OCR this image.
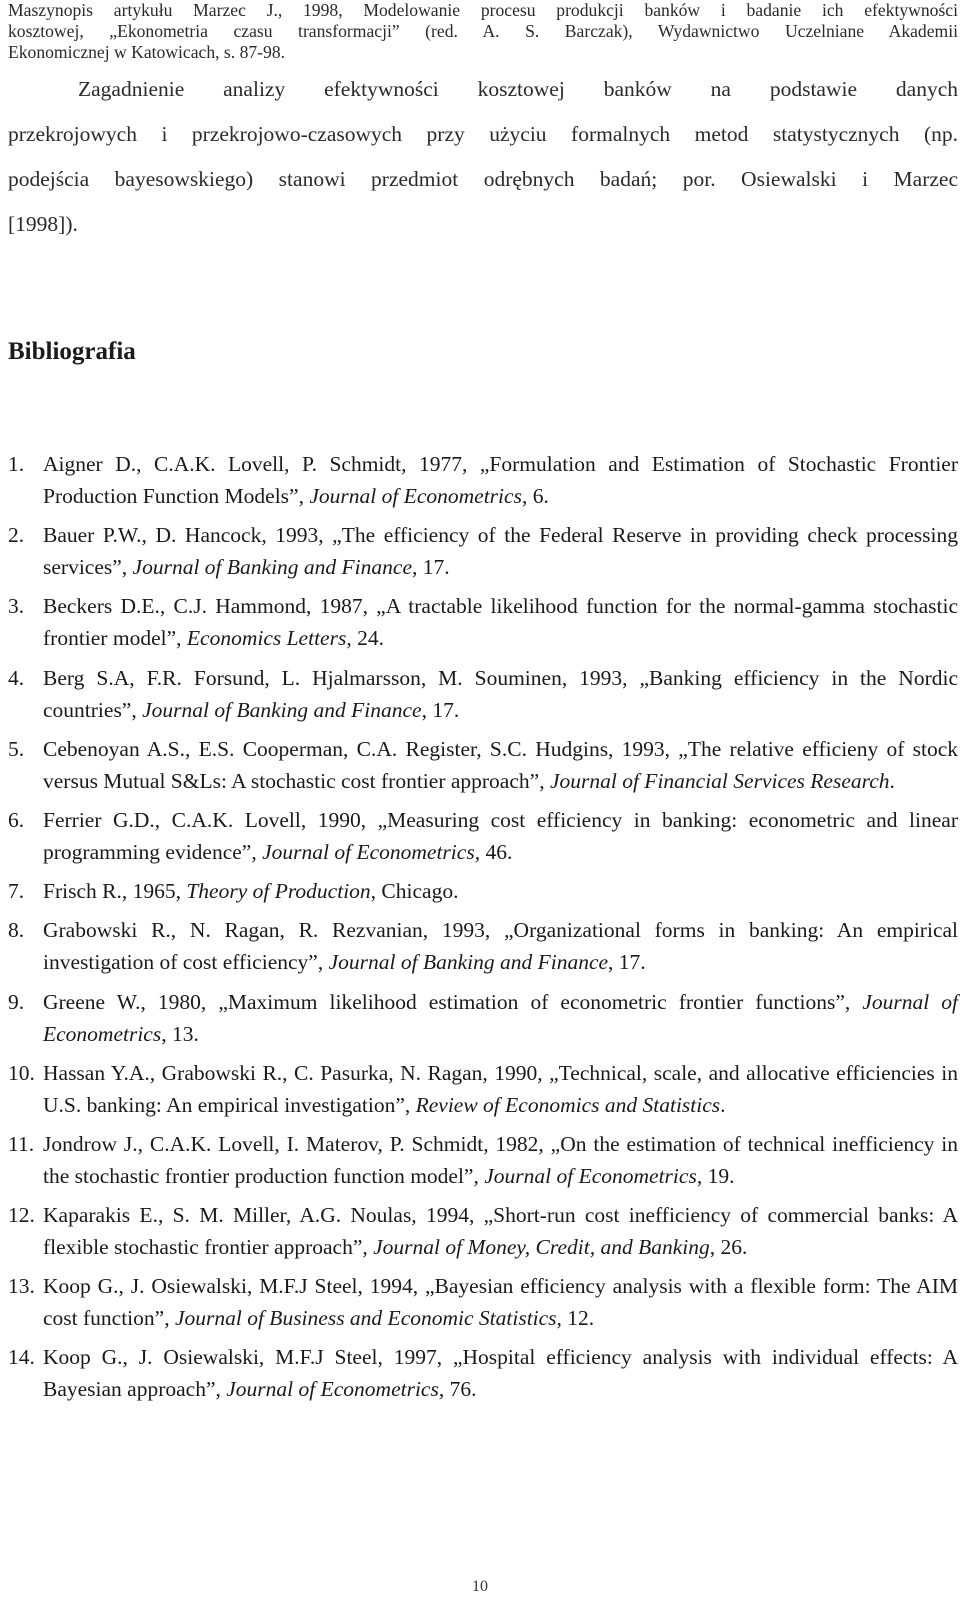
Maszynopis artykułu Marzec J., 1998, Modelowanie procesu produkcji banków i badanie ich efektywności
kosztowej, „Ekonometria czasu transformacji” (red. A. S. Barczak), Wydawnictwo Uczelniane Akademii
Ekonomicznej w Katowicach, s. 87-98.
Zagadnienie analizy efektywności kosztowej banków na podstawie danych
przekrojowych i przekrojowo-czasowych przy użyciu formalnych metod statystycznych (np.
podejścia bayesowskiego) stanowi przedmiot odrębnych badań; por. Osiewalski i Marzec
[1998]).
Bibliografia
1. Aigner D., C.A.K. Lovell, P. Schmidt, 1977, „Formulation and Estimation of Stochastic Frontier Production Function Models”, Journal of Econometrics, 6.
2. Bauer P.W., D. Hancock, 1993, „The efficiency of the Federal Reserve in providing check processing services”, Journal of Banking and Finance, 17.
3. Beckers D.E., C.J. Hammond, 1987, „A tractable likelihood function for the normal-gamma stochastic frontier model”, Economics Letters, 24.
4. Berg S.A, F.R. Forsund, L. Hjalmarsson, M. Souminen, 1993, „Banking efficiency in the Nordic countries”, Journal of Banking and Finance, 17.
5. Cebenoyan A.S., E.S. Cooperman, C.A. Register, S.C. Hudgins, 1993, „The relative efficieny of stock versus Mutual S&Ls: A stochastic cost frontier approach”, Journal of Financial Services Research.
6. Ferrier G.D., C.A.K. Lovell, 1990, „Measuring cost efficiency in banking: econometric and linear programming evidence”, Journal of Econometrics, 46.
7. Frisch R., 1965, Theory of Production, Chicago.
8. Grabowski R., N. Ragan, R. Rezvanian, 1993, „Organizational forms in banking: An empirical investigation of cost efficiency”, Journal of Banking and Finance, 17.
9. Greene W., 1980, „Maximum likelihood estimation of econometric frontier functions”, Journal of Econometrics, 13.
10. Hassan Y.A., Grabowski R., C. Pasurka, N. Ragan, 1990, „Technical, scale, and allocative efficiencies in U.S. banking: An empirical investigation”, Review of Economics and Statistics.
11. Jondrow J., C.A.K. Lovell, I. Materov, P. Schmidt, 1982, „On the estimation of technical inefficiency in the stochastic frontier production function model”, Journal of Econometrics, 19.
12. Kaparakis E., S. M. Miller, A.G. Noulas, 1994, „Short-run cost inefficiency of commercial banks: A flexible stochastic frontier approach”, Journal of Money, Credit, and Banking, 26.
13. Koop G., J. Osiewalski, M.F.J Steel, 1994, „Bayesian efficiency analysis with a flexible form: The AIM cost function”, Journal of Business and Economic Statistics, 12.
14. Koop G., J. Osiewalski, M.F.J Steel, 1997, „Hospital efficiency analysis with individual effects: A Bayesian approach”, Journal of Econometrics, 76.
10
